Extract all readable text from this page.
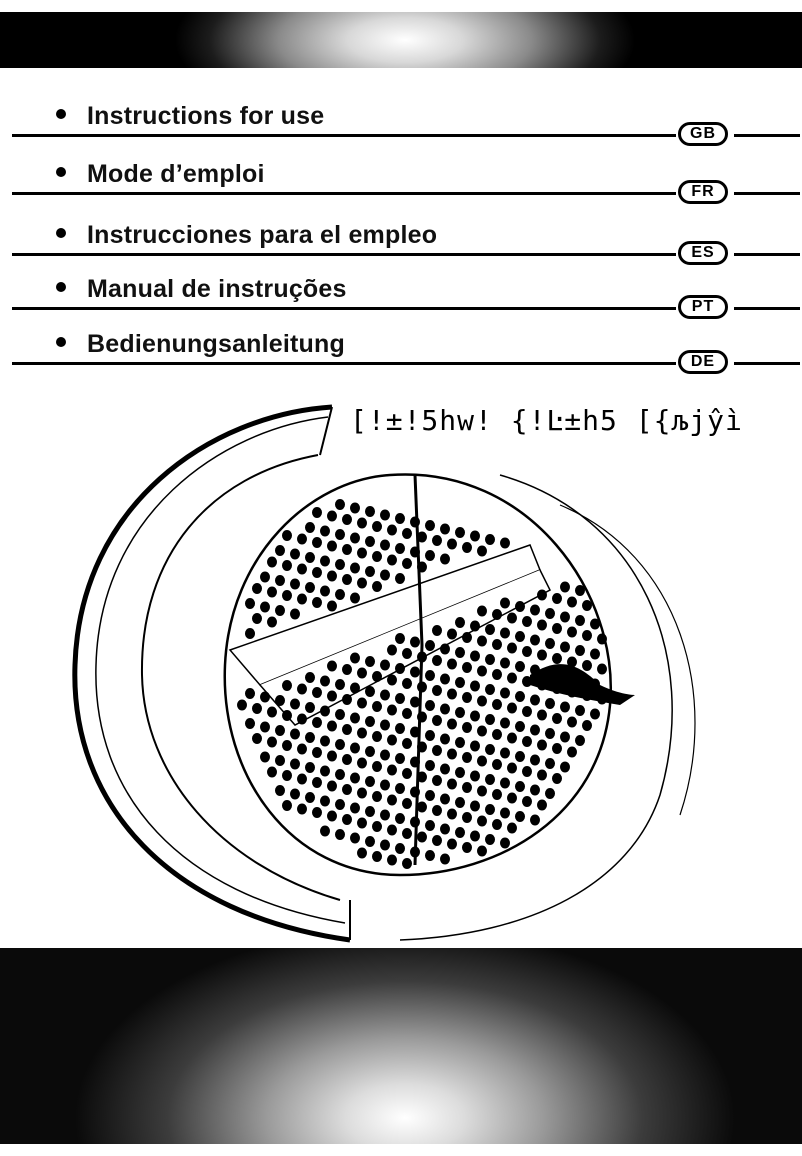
Instructions for use
GB
Mode d’emploi
FR
Instrucciones para el empleo
ES
Manual de instruções
PT
Bedienungsanleitung
DE
[!±!5hw! {!Ŀ±h5 [{љjŷì
